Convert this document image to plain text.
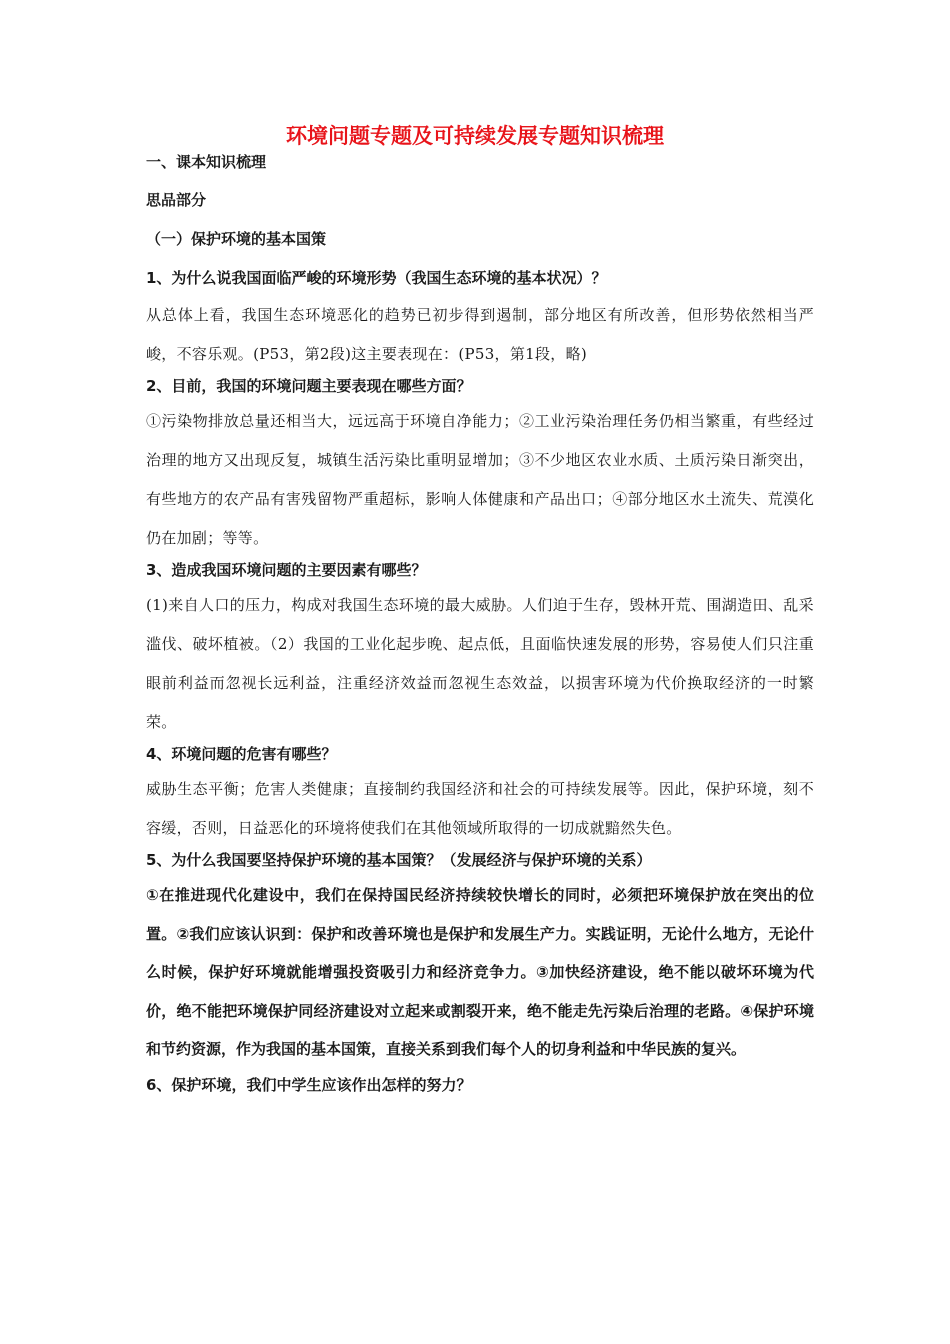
环境问题专题及可持续发展专题知识梳理
一、课本知识梳理
思品部分
（一）保护环境的基本国策
1、为什么说我国面临严峻的环境形势（我国生态环境的基本状况）？
从总体上看，我国生态环境恶化的趋势已初步得到遏制，部分地区有所改善，但形势依然相当严峻，不容乐观。(P53，第2段)这主要表现在：(P53，第1段，略)
2、目前，我国的环境问题主要表现在哪些方面？
①污染物排放总量还相当大，远远高于环境自净能力；②工业污染治理任务仍相当繁重，有些经过治理的地方又出现反复，城镇生活污染比重明显增加；③不少地区农业水质、土质污染日渐突出，有些地方的农产品有害残留物严重超标，影响人体健康和产品出口；④部分地区水土流失、荒漠化仍在加剧；等等。
3、造成我国环境问题的主要因素有哪些？
(1)来自人口的压力，构成对我国生态环境的最大威胁。人们迫于生存，毁林开荒、围湖造田、乱采滥伐、破坏植被。（2）我国的工业化起步晚、起点低，且面临快速发展的形势，容易使人们只注重眼前利益而忽视长远利益，注重经济效益而忽视生态效益，以损害环境为代价换取经济的一时繁荣。
4、环境问题的危害有哪些？
威胁生态平衡；危害人类健康；直接制约我国经济和社会的可持续发展等。因此，保护环境，刻不容缓，否则，日益恶化的环境将使我们在其他领域所取得的一切成就黯然失色。
5、为什么我国要坚持保护环境的基本国策？（发展经济与保护环境的关系）
①在推进现代化建设中，我们在保持国民经济持续较快增长的同时，必须把环境保护放在突出的位置。②我们应该认识到：保护和改善环境也是保护和发展生产力。实践证明，无论什么地方，无论什么时候，保护好环境就能增强投资吸引力和经济竞争力。③加快经济建设，绝不能以破坏环境为代价，绝不能把环境保护同经济建设对立起来或割裂开来，绝不能走先污染后治理的老路。④保护环境和节约资源，作为我国的基本国策，直接关系到我们每个人的切身利益和中华民族的复兴。
6、保护环境，我们中学生应该作出怎样的努力？
